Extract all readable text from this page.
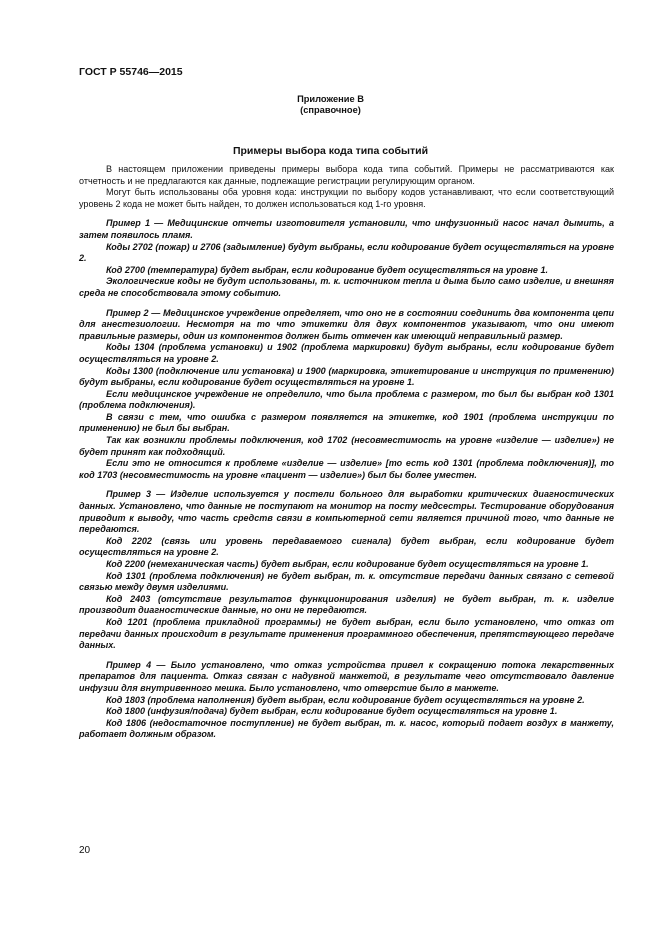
ГОСТ Р 55746—2015
Приложение В
(справочное)
Примеры выбора кода типа событий

В настоящем приложении приведены примеры выбора кода типа событий. Примеры не рассматриваются как отчетность и не предлагаются как данные, подлежащие регистрации регулирующим органом.

Могут быть использованы оба уровня кода: инструкции по выбору кодов устанавливают, что если соответствующий уровень 2 кода не может быть найден, то должен использоваться код 1-го уровня.

Пример 1 — Медицинские отчеты изготовителя установили, что инфузионный насос начал дымить, а затем появилось пламя.

Коды 2702 (пожар) и 2706 (задымление) будут выбраны, если кодирование будет осуществляться на уровне 2.

Код 2700 (температура) будет выбран, если кодирование будет осуществляться на уровне 1.

Экологические коды не будут использованы, т. к. источником тепла и дыма было само изделие, и внешняя среда не способствовала этому событию.

Пример 2 — Медицинское учреждение определяет, что оно не в состоянии соединить два компонента цепи для анестезиологии. Несмотря на то что этикетки для двух компонентов указывают, что они имеют правильные размеры, один из компонентов должен быть отмечен как имеющий неправильный размер.

Коды 1304 (проблема установки) и 1902 (проблема маркировки) будут выбраны, если кодирование будет осуществляться на уровне 2.

Коды 1300 (подключение или установка) и 1900 (маркировка, этикетирование и инструкция по применению) будут выбраны, если кодирование будет осуществляться на уровне 1.

Если медицинское учреждение не определило, что была проблема с размером, то был бы выбран код 1301 (проблема подключения).

В связи с тем, что ошибка с размером появляется на этикетке, код 1901 (проблема инструкции по применению) не был бы выбран.

Так как возникли проблемы подключения, код 1702 (несовместимость на уровне «изделие — изделие») не будет принят как подходящий.

Если это не относится к проблеме «изделие — изделие» [то есть код 1301 (проблема подключения)], то код 1703 (несовместимость на уровне «пациент — изделие») был бы более уместен.

Пример 3 — Изделие используется у постели больного для выработки критических диагностических данных. Установлено, что данные не поступают на монитор на посту медсестры. Тестирование оборудования приводит к выводу, что часть средств связи в компьютерной сети является причиной того, что данные не передаются.

Код 2202 (связь или уровень передаваемого сигнала) будет выбран, если кодирование будет осуществляться на уровне 2.

Код 2200 (немеханическая часть) будет выбран, если кодирование будет осуществляться на уровне 1.

Код 1301 (проблема подключения) не будет выбран, т. к. отсутствие передачи данных связано с сетевой связью между двумя изделиями.

Код 2403 (отсутствие результатов функционирования изделия) не будет выбран, т. к. изделие производит диагностические данные, но они не передаются.

Код 1201 (проблема прикладной программы) не будет выбран, если было установлено, что отказ от передачи данных происходит в результате применения программного обеспечения, препятствующего передаче данных.

Пример 4 — Было установлено, что отказ устройства привел к сокращению потока лекарственных препаратов для пациента. Отказ связан с надувной манжетой, в результате чего отсутствовало давление инфузии для внутривенного мешка. Было установлено, что отверстие было в манжете.

Код 1803 (проблема наполнения) будет выбран, если кодирование будет осуществляться на уровне 2.

Код 1800 (инфузия/подача) будет выбран, если кодирование будет осуществляться на уровне 1.

Код 1806 (недостаточное поступление) не будет выбран, т. к. насос, который подает воздух в манжету, работает должным образом.

20
